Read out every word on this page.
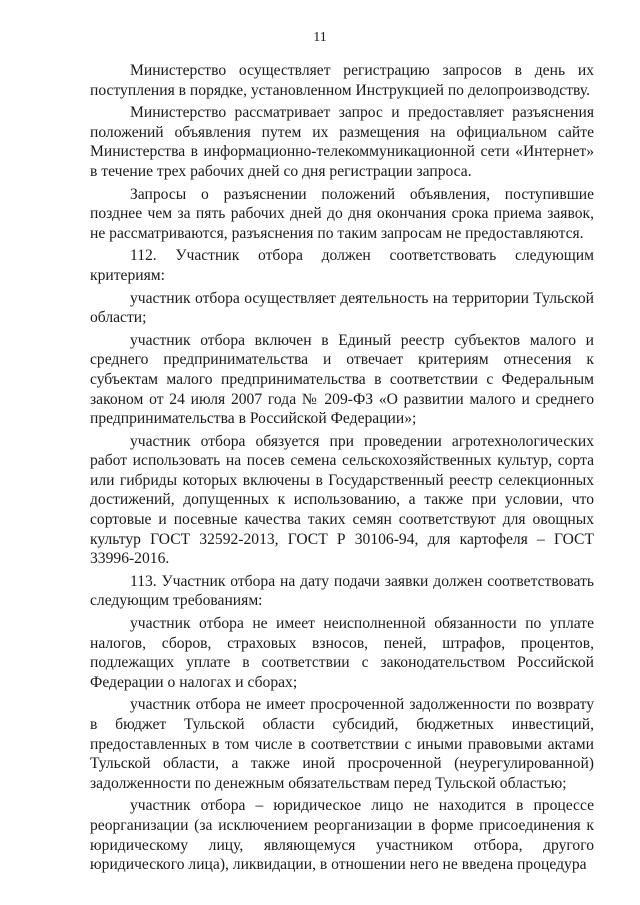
11

Министерство осуществляет регистрацию запросов в день их поступления в порядке, установленном Инструкцией по делопроизводству.

Министерство рассматривает запрос и предоставляет разъяснения положений объявления путем их размещения на официальном сайте Министерства в информационно-телекоммуникационной сети «Интернет» в течение трех рабочих дней со дня регистрации запроса.

Запросы о разъяснении положений объявления, поступившие позднее чем за пять рабочих дней до дня окончания срока приема заявок, не рассматриваются, разъяснения по таким запросам не предоставляются.

112. Участник отбора должен соответствовать следующим критериям:

участник отбора осуществляет деятельность на территории Тульской области;

участник отбора включен в Единый реестр субъектов малого и среднего предпринимательства и отвечает критериям отнесения к субъектам малого предпринимательства в соответствии с Федеральным законом от 24 июля 2007 года № 209-ФЗ «О развитии малого и среднего предпринимательства в Российской Федерации»;

участник отбора обязуется при проведении агротехнологических работ использовать на посев семена сельскохозяйственных культур, сорта или гибриды которых включены в Государственный реестр селекционных достижений, допущенных к использованию, а также при условии, что сортовые и посевные качества таких семян соответствуют для овощных культур ГОСТ 32592-2013, ГОСТ Р 30106-94, для картофеля – ГОСТ 33996-2016.

113. Участник отбора на дату подачи заявки должен соответствовать следующим требованиям:

участник отбора не имеет неисполненной обязанности по уплате налогов, сборов, страховых взносов, пеней, штрафов, процентов, подлежащих уплате в соответствии с законодательством Российской Федерации о налогах и сборах;

участник отбора не имеет просроченной задолженности по возврату в бюджет Тульской области субсидий, бюджетных инвестиций, предоставленных в том числе в соответствии с иными правовыми актами Тульской области, а также иной просроченной (неурегулированной) задолженности по денежным обязательствам перед Тульской областью;

участник отбора – юридическое лицо не находится в процессе реорганизации (за исключением реорганизации в форме присоединения к юридическому лицу, являющемуся участником отбора, другого юридического лица), ликвидации, в отношении него не введена процедура
